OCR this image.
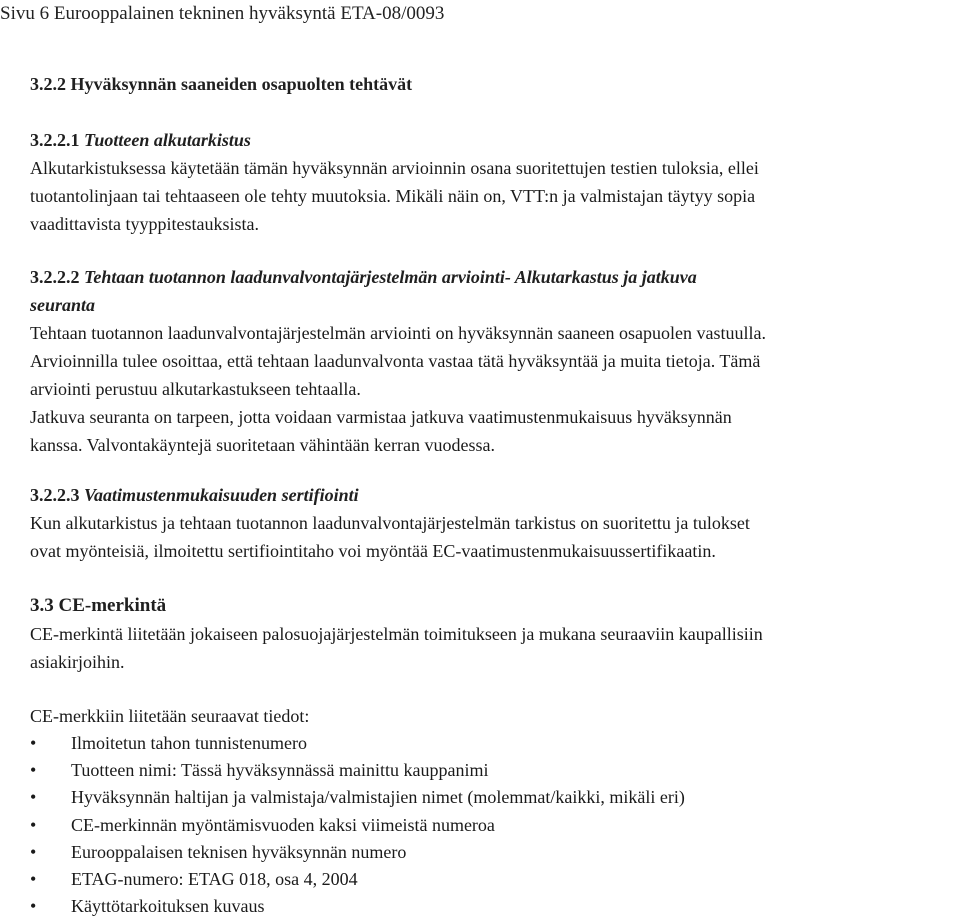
Sivu 6 Eurooppalainen tekninen hyväksyntä ETA-08/0093
3.2.2 Hyväksynnän saaneiden osapuolten tehtävät

3.2.2.1 Tuotteen alkutarkistus

Alkutarkistuksessa käytetään tämän hyväksynnän arvioinnin osana suoritettujen testien tuloksia, ellei

tuotantolinjaan tai tehtaaseen ole tehty muutoksia. Mikäli näin on, VTT:n ja valmistajan täytyy sopia

vaadittavista tyyppitestauksista.

3.2.2.2 Tehtaan tuotannon laadunvalvontajärjestelmän arviointi- Alkutarkastus ja jatkuva

seuranta

Tehtaan tuotannon laadunvalvontajärjestelmän arviointi on hyväksynnän saaneen osapuolen vastuulla.

Arvioinnilla tulee osoittaa, että tehtaan laadunvalvonta vastaa tätä hyväksyntää ja muita tietoja. Tämä

arviointi perustuu alkutarkastukseen tehtaalla.

Jatkuva seuranta on tarpeen, jotta voidaan varmistaa jatkuva vaatimustenmukaisuus hyväksynnän

kanssa. Valvontakäyntejä suoritetaan vähintään kerran vuodessa.

3.2.2.3 Vaatimustenmukaisuuden sertifiointi

Kun alkutarkistus ja tehtaan tuotannon laadunvalvontajärjestelmän tarkistus on suoritettu ja tulokset

ovat myönteisiä, ilmoitettu sertifiointitaho voi myöntää EC-vaatimustenmukaisuussertifikaatin.

3.3 CE-merkintä

CE-merkintä liitetään jokaiseen palosuojajärjestelmän toimitukseen ja mukana seuraaviin kaupallisiin

asiakirjoihin.

CE-merkkiin liitetään seuraavat tiedot:

• Ilmoitetun tahon tunnistenumero
• Tuotteen nimi: Tässä hyväksynnässä mainittu kauppanimi
• Hyväksynnän haltijan ja valmistaja/valmistajien nimet (molemmat/kaikki, mikäli eri)
• CE-merkinnän myöntämisvuoden kaksi viimeistä numeroa
• Eurooppalaisen teknisen hyväksynnän numero
• ETAG-numero: ETAG 018, osa 4, 2004
• Käyttötarkoituksen kuvaus
